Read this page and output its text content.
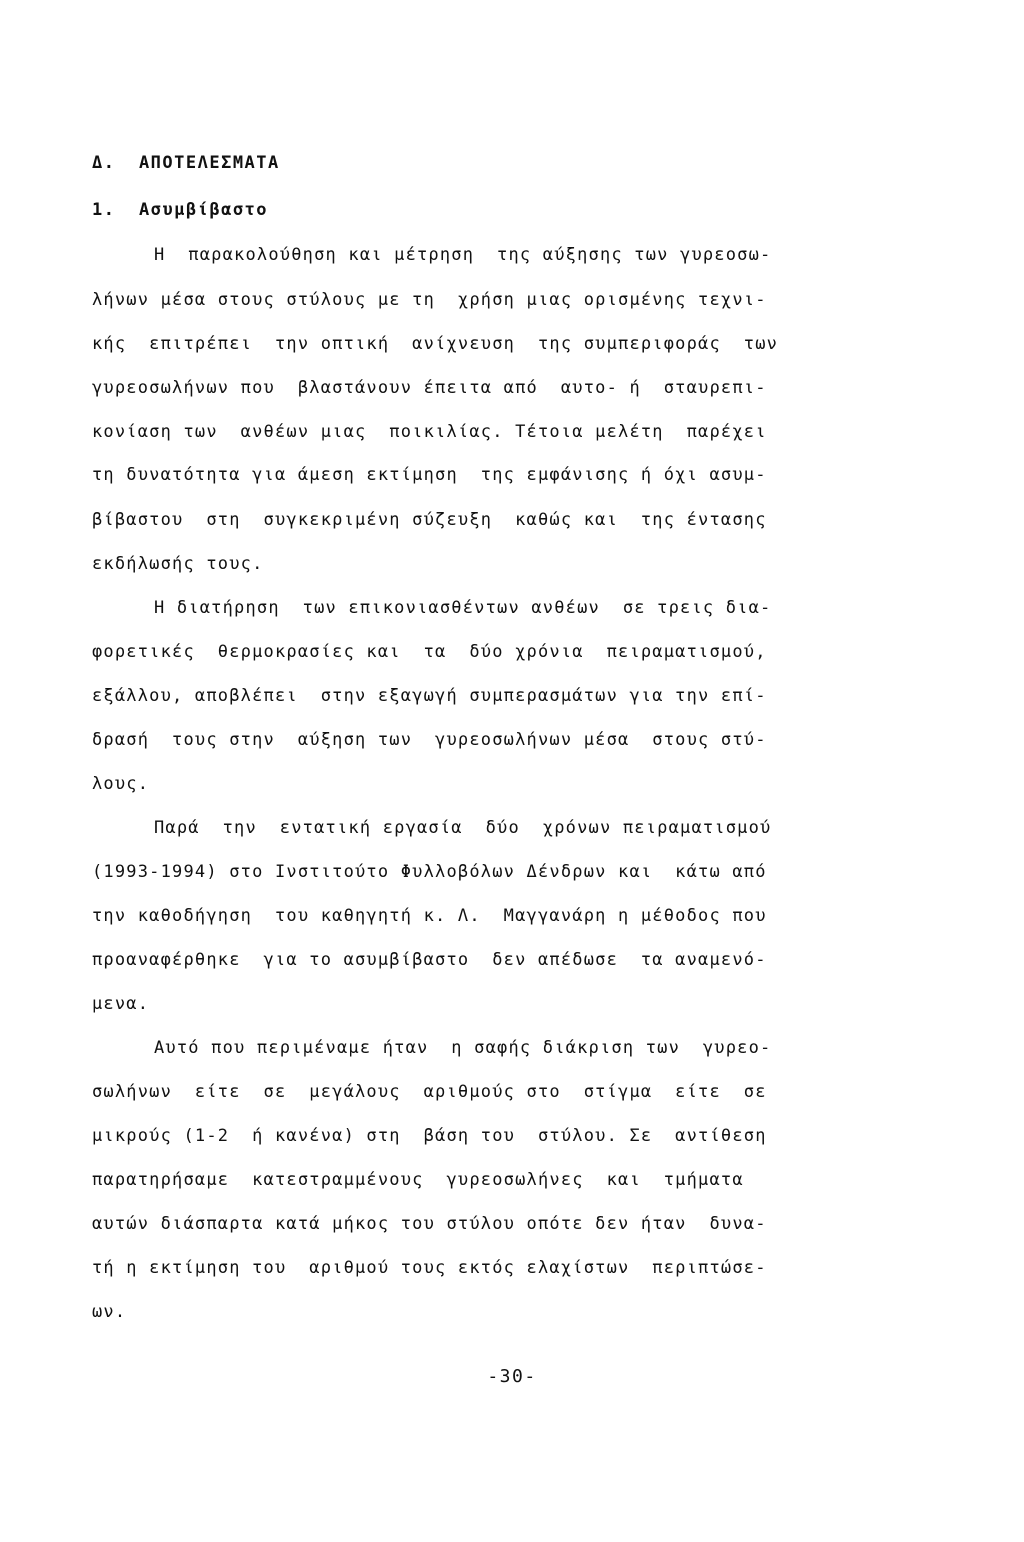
Δ.  ΑΠΟΤΕΛΕΣΜΑΤΑ
1.  Ασυμβίβαστο
Η  παρακολούθηση και μέτρηση  της αύξησης των γυρεοσω-
λήνων μέσα στους στύλους με τη  χρήση μιας ορισμένης τεχνι-
κής  επιτρέπει  την οπτική  ανίχνευση  της συμπεριφοράς  των
γυρεοσωλήνων που  βλαστάνουν έπειτα από  αυτο- ή  σταυρεπι-
κονίαση των  ανθέων μιας  ποικιλίας. Τέτοια μελέτη  παρέχει
τη δυνατότητα για άμεση εκτίμηση  της εμφάνισης ή όχι ασυμ-
βίβαστου  στη  συγκεκριμένη σύζευξη  καθώς και  της έντασης
εκδήλωσής τους.
Η διατήρηση  των επικονιασθέντων ανθέων  σε τρεις δια-
φορετικές  θερμοκρασίες και  τα  δύο χρόνια  πειραματισμού,
εξάλλου, αποβλέπει  στην εξαγωγή συμπερασμάτων για την επί-
δρασή  τους στην  αύξηση των  γυρεοσωλήνων μέσα  στους στύ-
λους.
Παρά  την  εντατική εργασία  δύο  χρόνων πειραματισμού
(1993-1994) στο Ινστιτούτο Φυλλοβόλων Δένδρων και  κάτω από
την καθοδήγηση  του καθηγητή κ. Λ.  Μαγγανάρη η μέθοδος που
προαναφέρθηκε  για το ασυμβίβαστο  δεν απέδωσε  τα αναμενό-
μενα.
Αυτό που περιμέναμε ήταν  η σαφής διάκριση των  γυρεο-
σωλήνων  είτε  σε  μεγάλους  αριθμούς στο  στίγμα  είτε  σε
μικρούς (1-2  ή κανένα) στη  βάση του  στύλου. Σε  αντίθεση
παρατηρήσαμε  κατεστραμμένους  γυρεοσωλήνες  και  τμήματα
αυτών διάσπαρτα κατά μήκος του στύλου οπότε δεν ήταν  δυνα-
τή η εκτίμηση του  αριθμού τους εκτός ελαχίστων  περιπτώσε-
ων.
-30-
